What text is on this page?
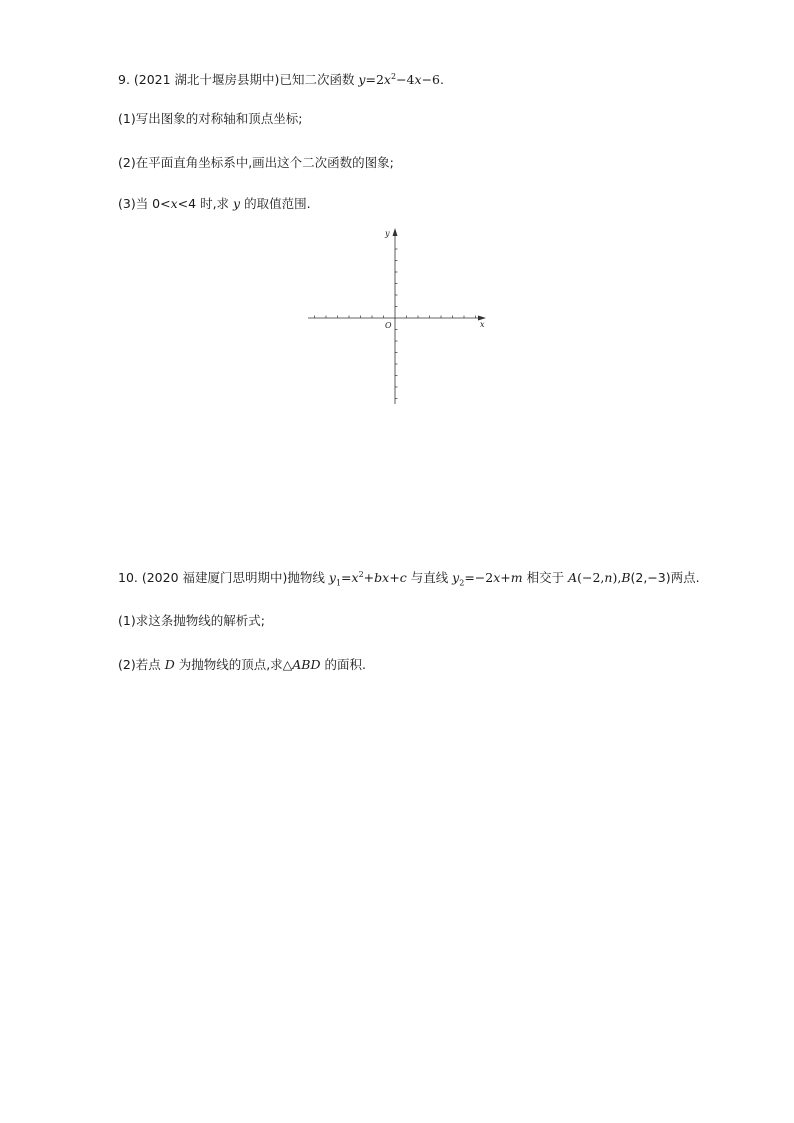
9. (2021 湖北十堰房县期中)已知二次函数 $y=2x^2-4x-6$.
(1)写出图象的对称轴和顶点坐标;
(2)在平面直角坐标系中,画出这个二次函数的图象;
(3)当 0<x<4 时,求 y 的取值范围.
y
x
O
10. (2020 福建厦门思明期中)抛物线 $y_1=x^2+bx+c$ 与直线 $y_2=-2x+m$ 相交于 A(−2,n),B(2,−3)两点.
(1)求这条抛物线的解析式;
(2)若点 D 为抛物线的顶点,求△ABD 的面积.
